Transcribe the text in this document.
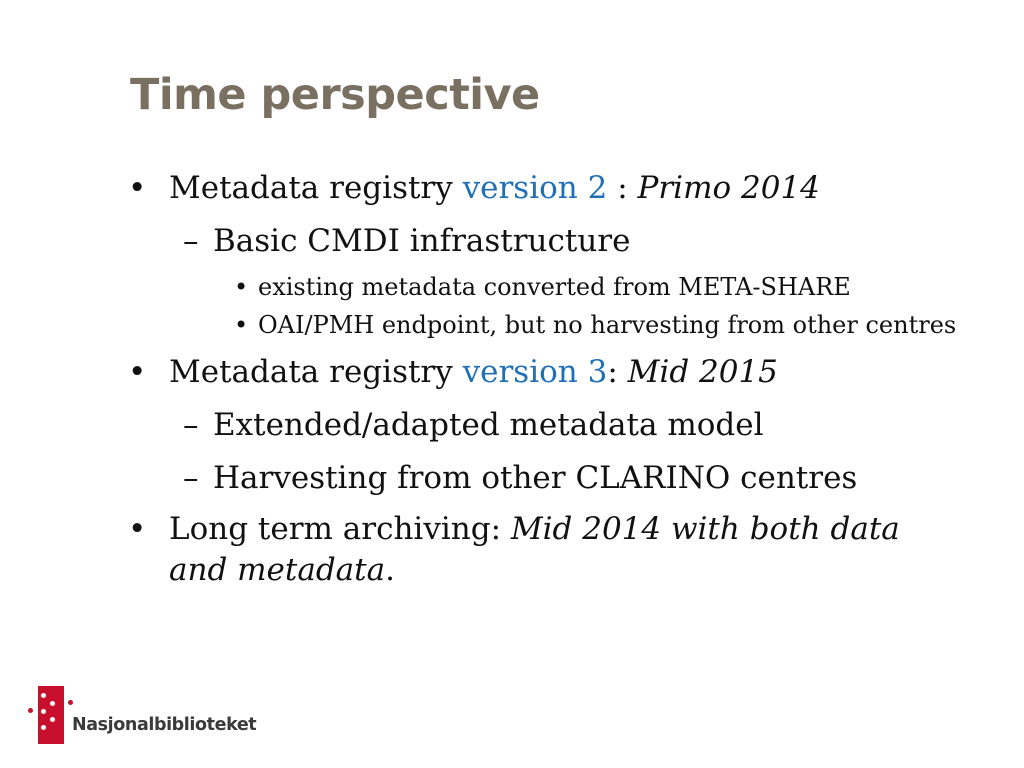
Time perspective

• Metadata registry version 2 : Primo 2014

– Basic CMDI infrastructure

• existing metadata converted from META-SHARE

• OAI/PMH endpoint, but no harvesting from other centres

• Metadata registry version 3: Mid 2015

– Extended/adapted metadata model

– Harvesting from other CLARINO centres

• Long term archiving: Mid 2014 with both data and metadata.

Nasjonalbiblioteket
